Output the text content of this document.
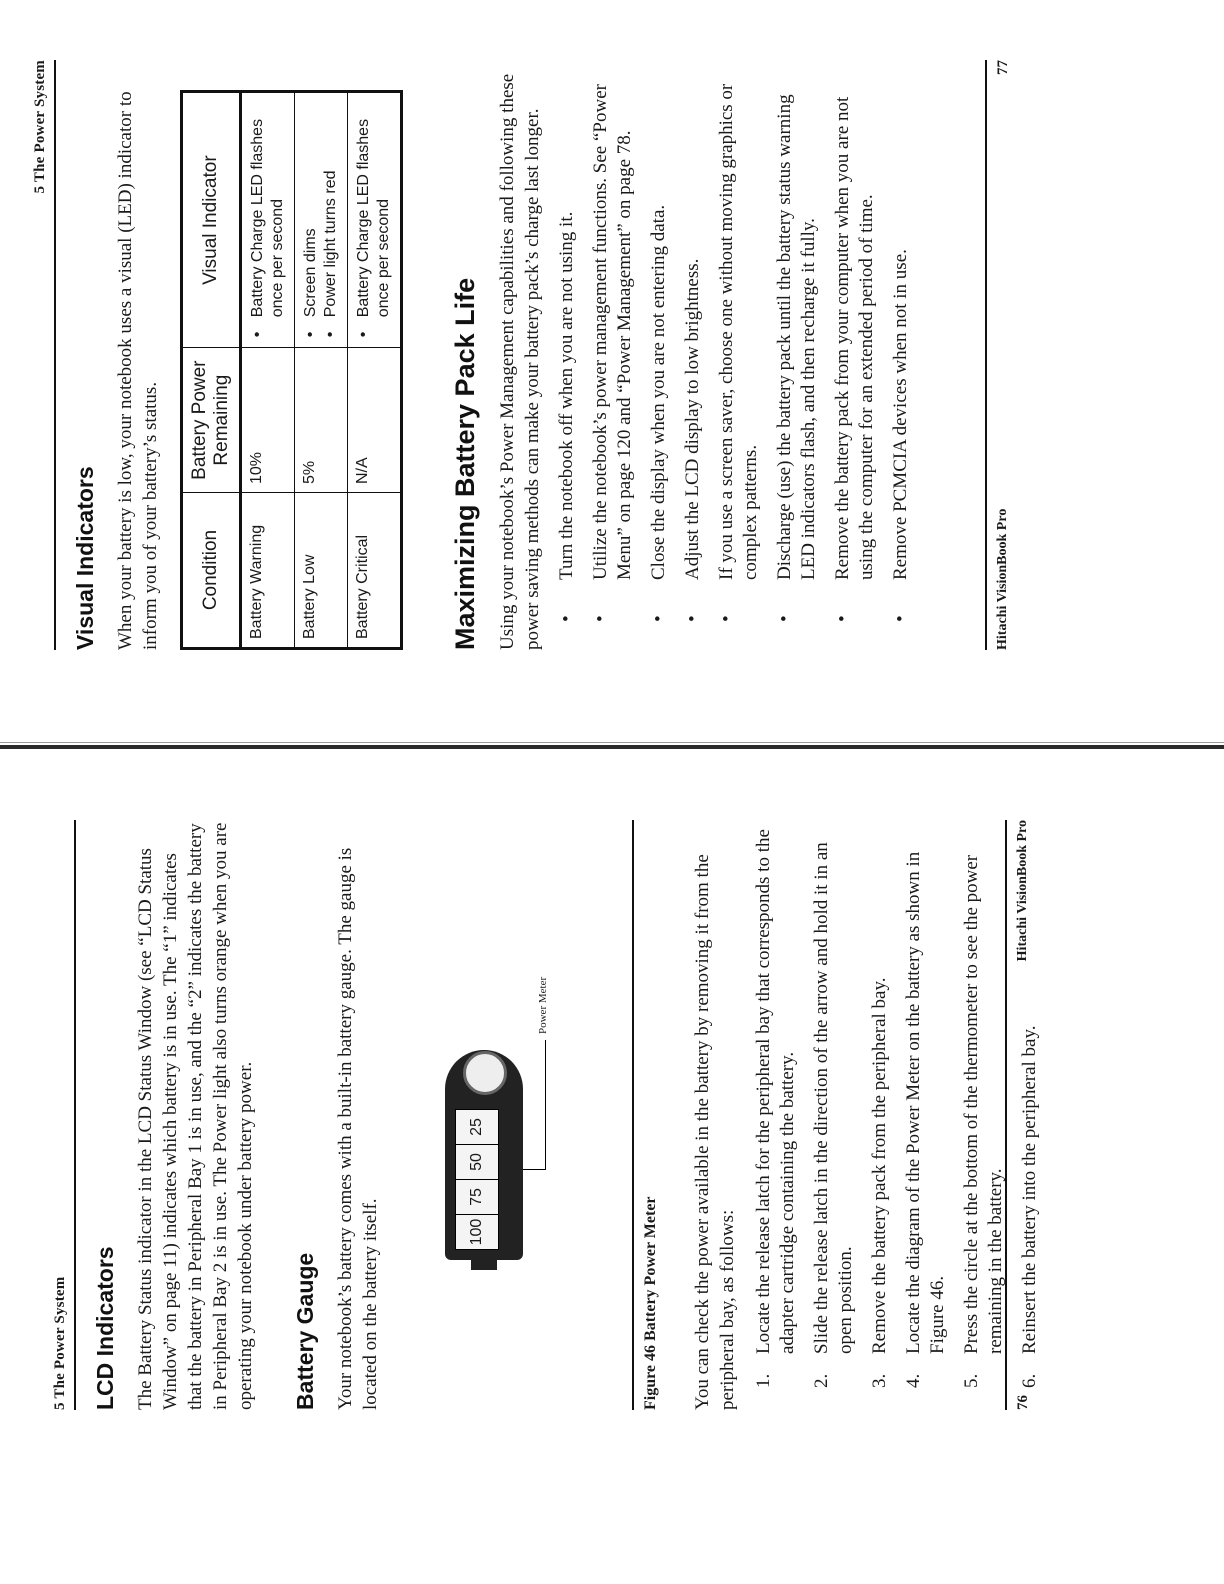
5 The Power System LCD Indicators The Battery Status indicator in the LCD Status Window (see “LCD Status Window” on page 11) indicates which battery is in use. The “1” indicates that the battery in Peripheral Bay 1 is in use, and the “2” indicates the battery in Peripheral Bay 2 is in use. The Power light also turns orange when you are operating your notebook under battery power. Battery Gauge Your notebook’s battery comes with a built-in battery gauge. The gauge is located on the battery itself.	100
75
50
25
Power Meter
Figure 46 Battery Power Meter You can check the power available in the battery by removing it from the peripheral bay, as follows: 1.
Locate the release latch for the peripheral bay that corresponds to the adapter cartridge containing the battery.
2.
Slide the release latch in the direction of the arrow and hold it in an open position.
3.
Remove the battery pack from the peripheral bay.
4.
Locate the diagram of the Power Meter on the battery as shown in Figure 46.
5.
Press the circle at the bottom of the thermometer to see the power remaining in the battery.
6.
Reinsert the battery into the peripheral bay.
76
Hitachi VisionBook Pro
5 The Power System
Visual Indicators When your battery is low, your notebook uses a visual (LED) indicator to inform you of your battery’s status. Condition	Battery Power Remaining	Visual Indicator
Battery Warning	10%	• Battery Charge LED flashes once per second

Battery Low	5%	• Screen dims • Power light turns red

Battery Critical	N/A	• Battery Charge LED flashes once per second
Maximizing Battery Pack Life Using your notebook’s Power Management capabilities and following these power saving methods can make your battery pack’s charge last longer. • Turn the notebook off when you are not using it. • Utilize the notebook’s power management functions. See “Power Menu” on page 120 and “Power Management” on page 78. • Close the display when you are not entering data. • Adjust the LCD display to low brightness. • If you use a screen saver, choose one without moving graphics or complex patterns. • Discharge (use) the battery pack until the battery status warning LED indicators flash, and then recharge it fully. • Remove the battery pack from your computer when you are not using the computer for an extended period of time. • Remove PCMCIA devices when not in use.	Hitachi VisionBook Pro
77
